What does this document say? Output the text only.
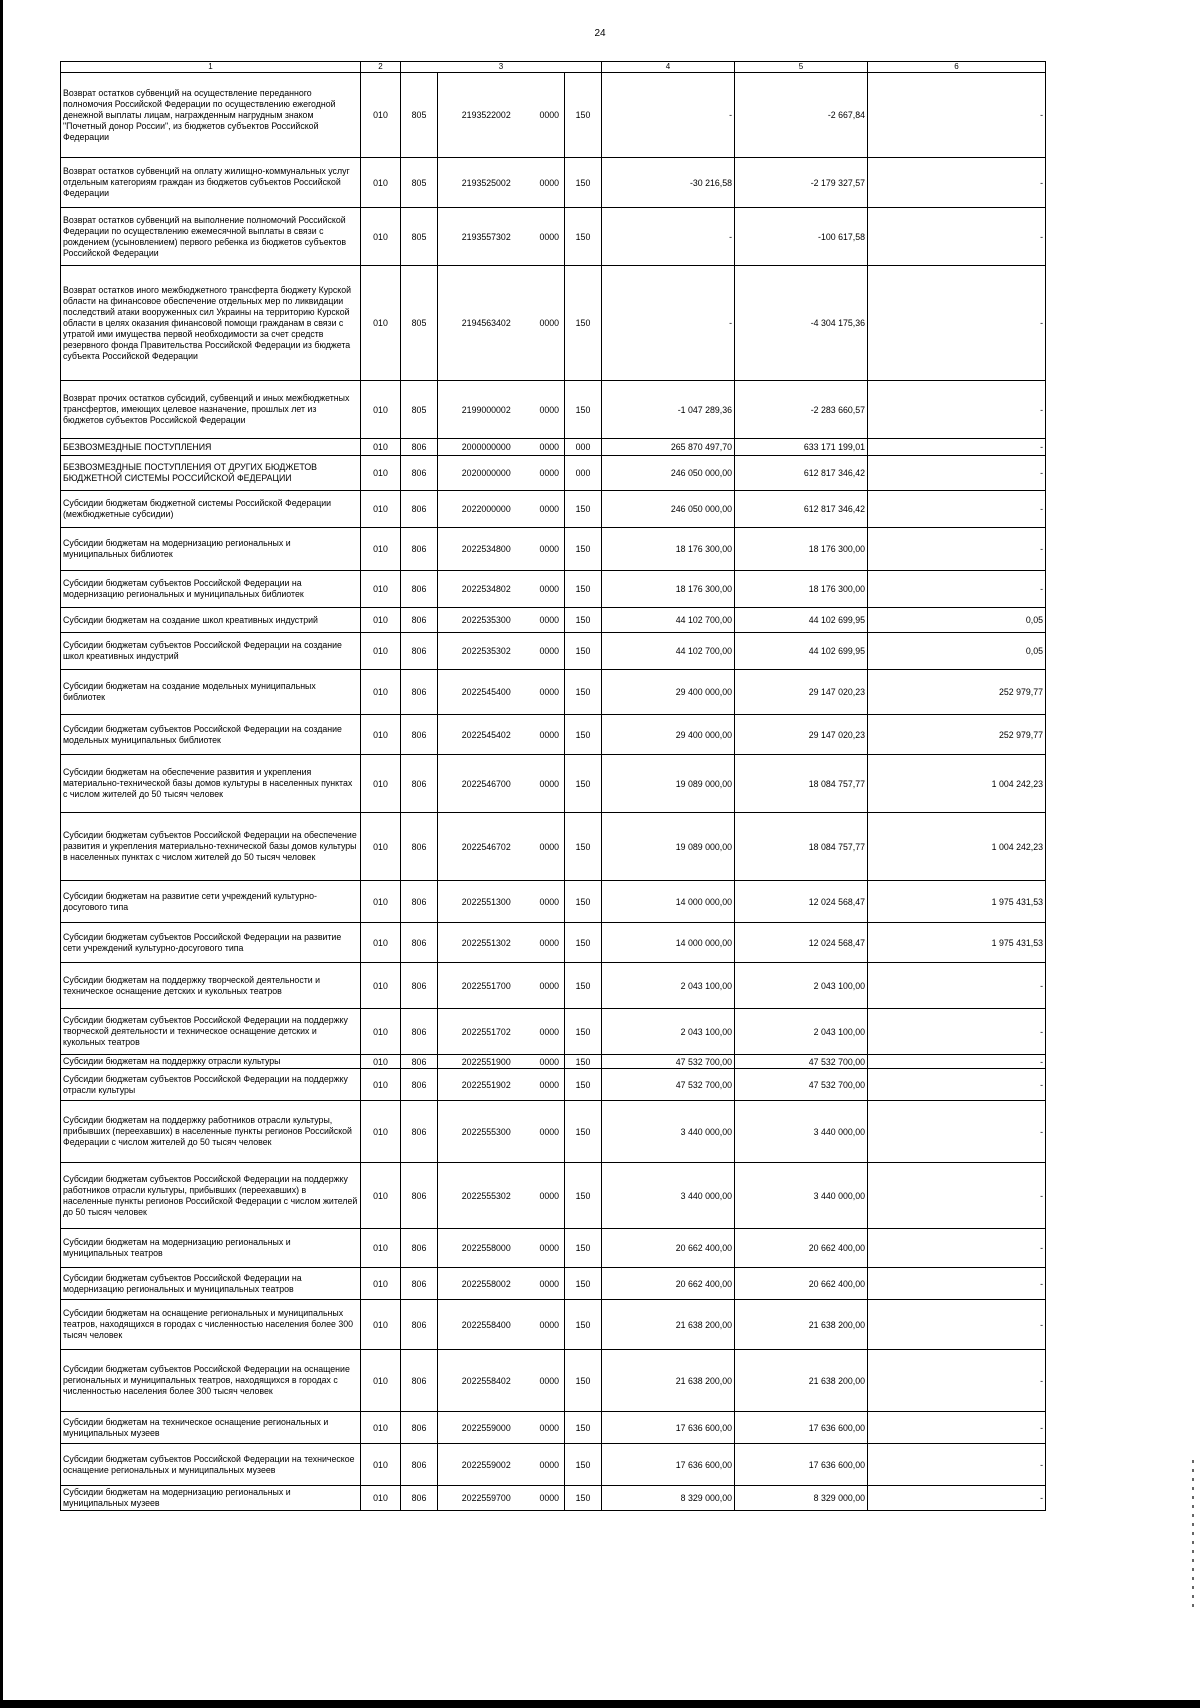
24
1	2	3				4	5	6
Возврат остатков субвенций на осуществление переданного полномочия Российской Федерации по осуществлению ежегодной денежной выплаты лицам, награжденным нагрудным знаком "Почетный донор России", из бюджетов субъектов Российской Федерации	010	805	2193522002	0000	150	-	-2 667,84	-
Возврат остатков субвенций на оплату жилищно-коммунальных услуг отдельным категориям граждан из бюджетов субъектов Российской Федерации	010	805	2193525002	0000	150	-30 216,58	-2 179 327,57	-
Возврат остатков субвенций на выполнение полномочий Российской Федерации по осуществлению ежемесячной выплаты в связи с рождением (усыновлением) первого ребенка из бюджетов субъектов Российской Федерации	010	805	2193557302	0000	150	-	-100 617,58	-
Возврат остатков иного межбюджетного трансферта бюджету Курской области на финансовое обеспечение отдельных мер по ликвидации последствий атаки вооруженных сил Украины на территорию Курской области в целях оказания финансовой помощи гражданам в связи с утратой ими имущества первой необходимости за счет средств резервного фонда Правительства Российской Федерации из бюджета субъекта Российской Федерации	010	805	2194563402	0000	150	-	-4 304 175,36	-
Возврат прочих остатков субсидий, субвенций и иных межбюджетных трансфертов, имеющих целевое назначение, прошлых лет из бюджетов субъектов Российской Федерации	010	805	2199000002	0000	150	-1 047 289,36	-2 283 660,57	-
БЕЗВОЗМЕЗДНЫЕ ПОСТУПЛЕНИЯ	010	806	2000000000	0000	000	265 870 497,70	633 171 199,01	-
БЕЗВОЗМЕЗДНЫЕ ПОСТУПЛЕНИЯ ОТ ДРУГИХ БЮДЖЕТОВ БЮДЖЕТНОЙ СИСТЕМЫ РОССИЙСКОЙ ФЕДЕРАЦИИ	010	806	2020000000	0000	000	246 050 000,00	612 817 346,42	-
Субсидии бюджетам бюджетной системы Российской Федерации (межбюджетные субсидии)	010	806	2022000000	0000	150	246 050 000,00	612 817 346,42	-
Субсидии бюджетам на модернизацию региональных и муниципальных библиотек	010	806	2022534800	0000	150	18 176 300,00	18 176 300,00	-
Субсидии бюджетам субъектов Российской Федерации на модернизацию региональных и муниципальных библиотек	010	806	2022534802	0000	150	18 176 300,00	18 176 300,00	-
Субсидии бюджетам на создание школ креативных индустрий	010	806	2022535300	0000	150	44 102 700,00	44 102 699,95	0,05
Субсидии бюджетам субъектов Российской Федерации на создание школ креативных индустрий	010	806	2022535302	0000	150	44 102 700,00	44 102 699,95	0,05
Субсидии бюджетам на создание модельных муниципальных библиотек	010	806	2022545400	0000	150	29 400 000,00	29 147 020,23	252 979,77
Субсидии бюджетам субъектов Российской Федерации на создание модельных муниципальных библиотек	010	806	2022545402	0000	150	29 400 000,00	29 147 020,23	252 979,77
Субсидии бюджетам на обеспечение развития и укрепления материально-технической базы домов культуры в населенных пунктах с числом жителей до 50 тысяч человек	010	806	2022546700	0000	150	19 089 000,00	18 084 757,77	1 004 242,23
Субсидии бюджетам субъектов Российской Федерации на обеспечение развития и укрепления материально-технической базы домов культуры в населенных пунктах с числом жителей до 50 тысяч человек	010	806	2022546702	0000	150	19 089 000,00	18 084 757,77	1 004 242,23
Субсидии бюджетам на развитие сети учреждений культурно-досугового типа	010	806	2022551300	0000	150	14 000 000,00	12 024 568,47	1 975 431,53
Субсидии бюджетам субъектов Российской Федерации на развитие сети учреждений культурно-досугового типа	010	806	2022551302	0000	150	14 000 000,00	12 024 568,47	1 975 431,53
Субсидии бюджетам на поддержку творческой деятельности и техническое оснащение детских и кукольных театров	010	806	2022551700	0000	150	2 043 100,00	2 043 100,00	-
Субсидии бюджетам субъектов Российской Федерации на поддержку творческой деятельности и техническое оснащение детских и кукольных театров	010	806	2022551702	0000	150	2 043 100,00	2 043 100,00	-
Субсидии бюджетам на поддержку отрасли культуры	010	806	2022551900	0000	150	47 532 700,00	47 532 700,00	-
Субсидии бюджетам субъектов Российской Федерации на поддержку отрасли культуры	010	806	2022551902	0000	150	47 532 700,00	47 532 700,00	-
Субсидии бюджетам на поддержку работников отрасли культуры, прибывших (переехавших) в населенные пункты регионов Российской Федерации с числом жителей до 50 тысяч человек	010	806	2022555300	0000	150	3 440 000,00	3 440 000,00	-
Субсидии бюджетам субъектов Российской Федерации на поддержку работников отрасли культуры, прибывших (переехавших) в населенные пункты регионов Российской Федерации с числом жителей до 50 тысяч человек	010	806	2022555302	0000	150	3 440 000,00	3 440 000,00	-
Субсидии бюджетам на модернизацию региональных и муниципальных театров	010	806	2022558000	0000	150	20 662 400,00	20 662 400,00	-
Субсидии бюджетам субъектов Российской Федерации на модернизацию региональных и муниципальных театров	010	806	2022558002	0000	150	20 662 400,00	20 662 400,00	-
Субсидии бюджетам на оснащение региональных и муниципальных театров, находящихся в городах с численностью населения более 300 тысяч человек	010	806	2022558400	0000	150	21 638 200,00	21 638 200,00	-
Субсидии бюджетам субъектов Российской Федерации на оснащение региональных и муниципальных театров, находящихся в городах с численностью населения более 300 тысяч человек	010	806	2022558402	0000	150	21 638 200,00	21 638 200,00	-
Субсидии бюджетам на техническое оснащение региональных и муниципальных музеев	010	806	2022559000	0000	150	17 636 600,00	17 636 600,00	-
Субсидии бюджетам субъектов Российской Федерации на техническое оснащение региональных и муниципальных музеев	010	806	2022559002	0000	150	17 636 600,00	17 636 600,00	-
Субсидии бюджетам на модернизацию региональных и муниципальных музеев	010	806	2022559700	0000	150	8 329 000,00	8 329 000,00	-
